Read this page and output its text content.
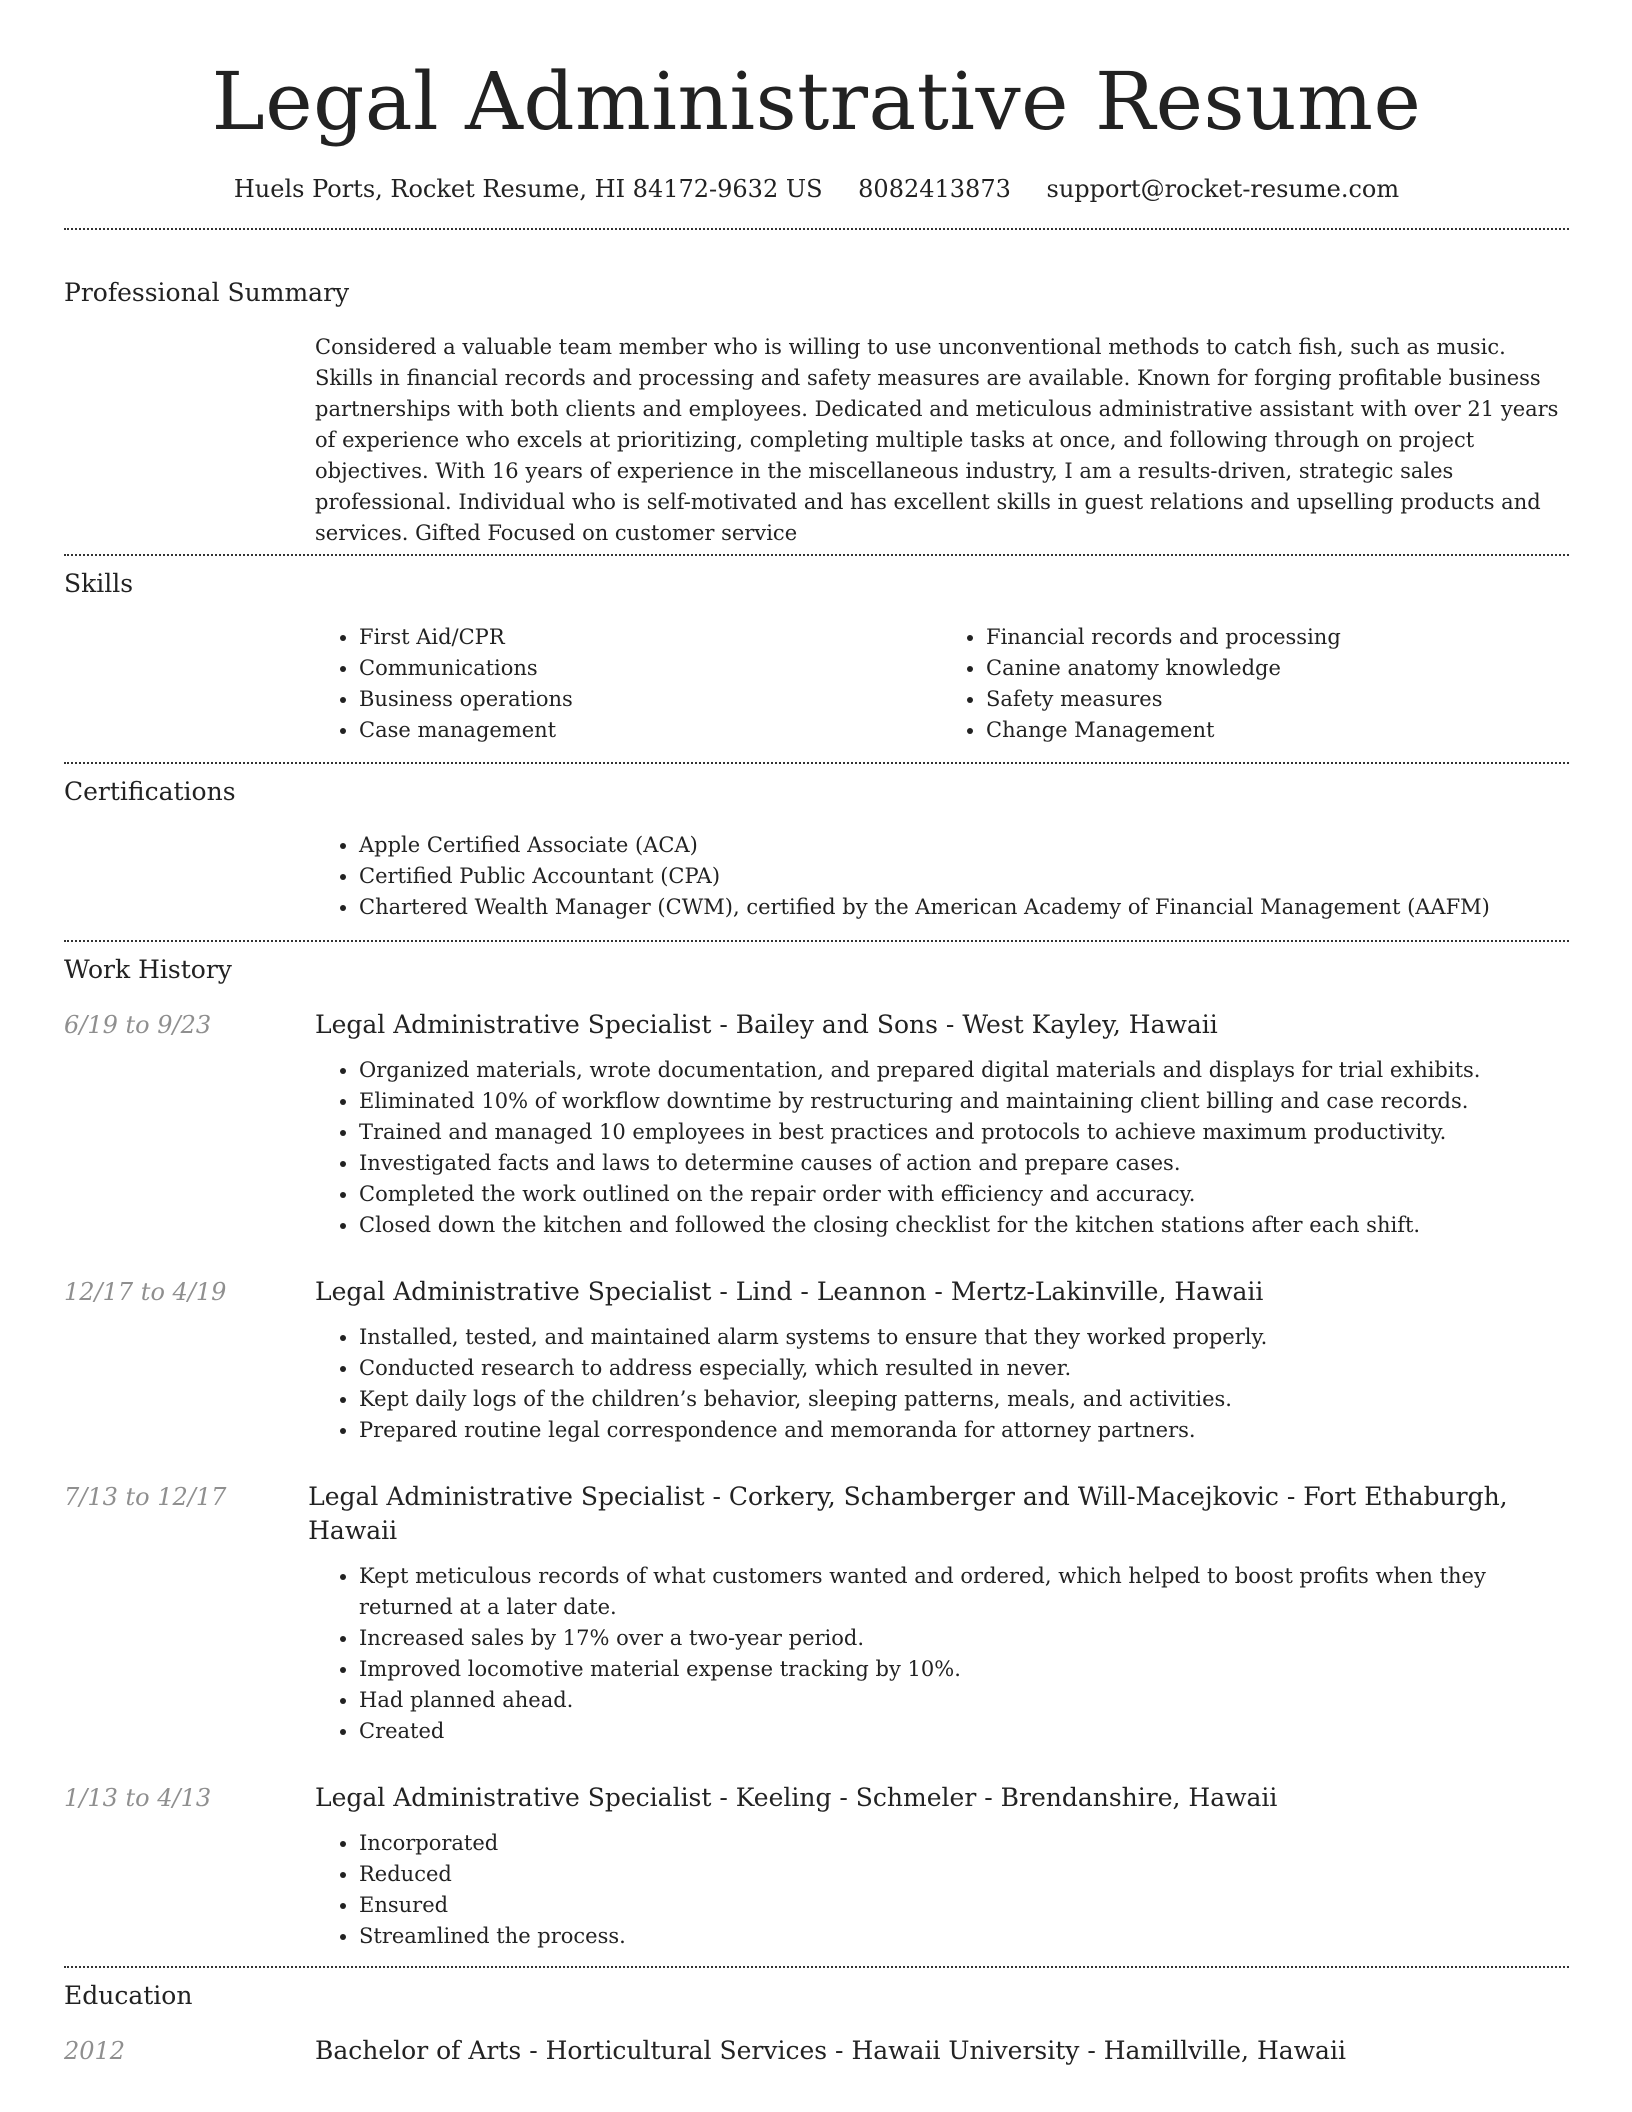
Legal Administrative Resume
Huels Ports, Rocket Resume, HI 84172-9632 US 8082413873 support@rocket-resume.com
Professional Summary
Considered a valuable team member who is willing to use unconventional methods to catch fish, such as music. Skills in financial records and processing and safety measures are available. Known for forging profitable business partnerships with both clients and employees. Dedicated and meticulous administrative assistant with over 21 years of experience who excels at prioritizing, completing multiple tasks at once, and following through on project objectives. With 16 years of experience in the miscellaneous industry, I am a results-driven, strategic sales professional. Individual who is self-motivated and has excellent skills in guest relations and upselling products and services. Gifted Focused on customer service
Skills
• First Aid/CPR
• Communications
• Business operations
• Case management
• Financial records and processing
• Canine anatomy knowledge
• Safety measures
• Change Management
Certifications
• Apple Certified Associate (ACA)
• Certified Public Accountant (CPA)
• Chartered Wealth Manager (CWM), certified by the American Academy of Financial Management (AAFM)
Work History
6/19 to 9/23	Legal Administrative Specialist - Bailey and Sons - West Kayley, Hawaii
• Organized materials, wrote documentation, and prepared digital materials and displays for trial exhibits.
• Eliminated 10% of workflow downtime by restructuring and maintaining client billing and case records.
• Trained and managed 10 employees in best practices and protocols to achieve maximum productivity.
• Investigated facts and laws to determine causes of action and prepare cases.
• Completed the work outlined on the repair order with efficiency and accuracy.
• Closed down the kitchen and followed the closing checklist for the kitchen stations after each shift.
12/17 to 4/19	Legal Administrative Specialist - Lind - Leannon - Mertz-Lakinville, Hawaii
• Installed, tested, and maintained alarm systems to ensure that they worked properly.
• Conducted research to address especially, which resulted in never.
• Kept daily logs of the children’s behavior, sleeping patterns, meals, and activities.
• Prepared routine legal correspondence and memoranda for attorney partners.
7/13 to 12/17	Legal Administrative Specialist - Corkery, Schamberger and Will-Macejkovic - Fort Ethaburgh, Hawaii
• Kept meticulous records of what customers wanted and ordered, which helped to boost profits when they returned at a later date.
• Increased sales by 17% over a two-year period.
• Improved locomotive material expense tracking by 10%.
• Had planned ahead.
• Created
1/13 to 4/13	Legal Administrative Specialist - Keeling - Schmeler - Brendanshire, Hawaii
• Incorporated
• Reduced
• Ensured
• Streamlined the process.
Education
2012	Bachelor of Arts - Horticultural Services - Hawaii University - Hamillville, Hawaii
